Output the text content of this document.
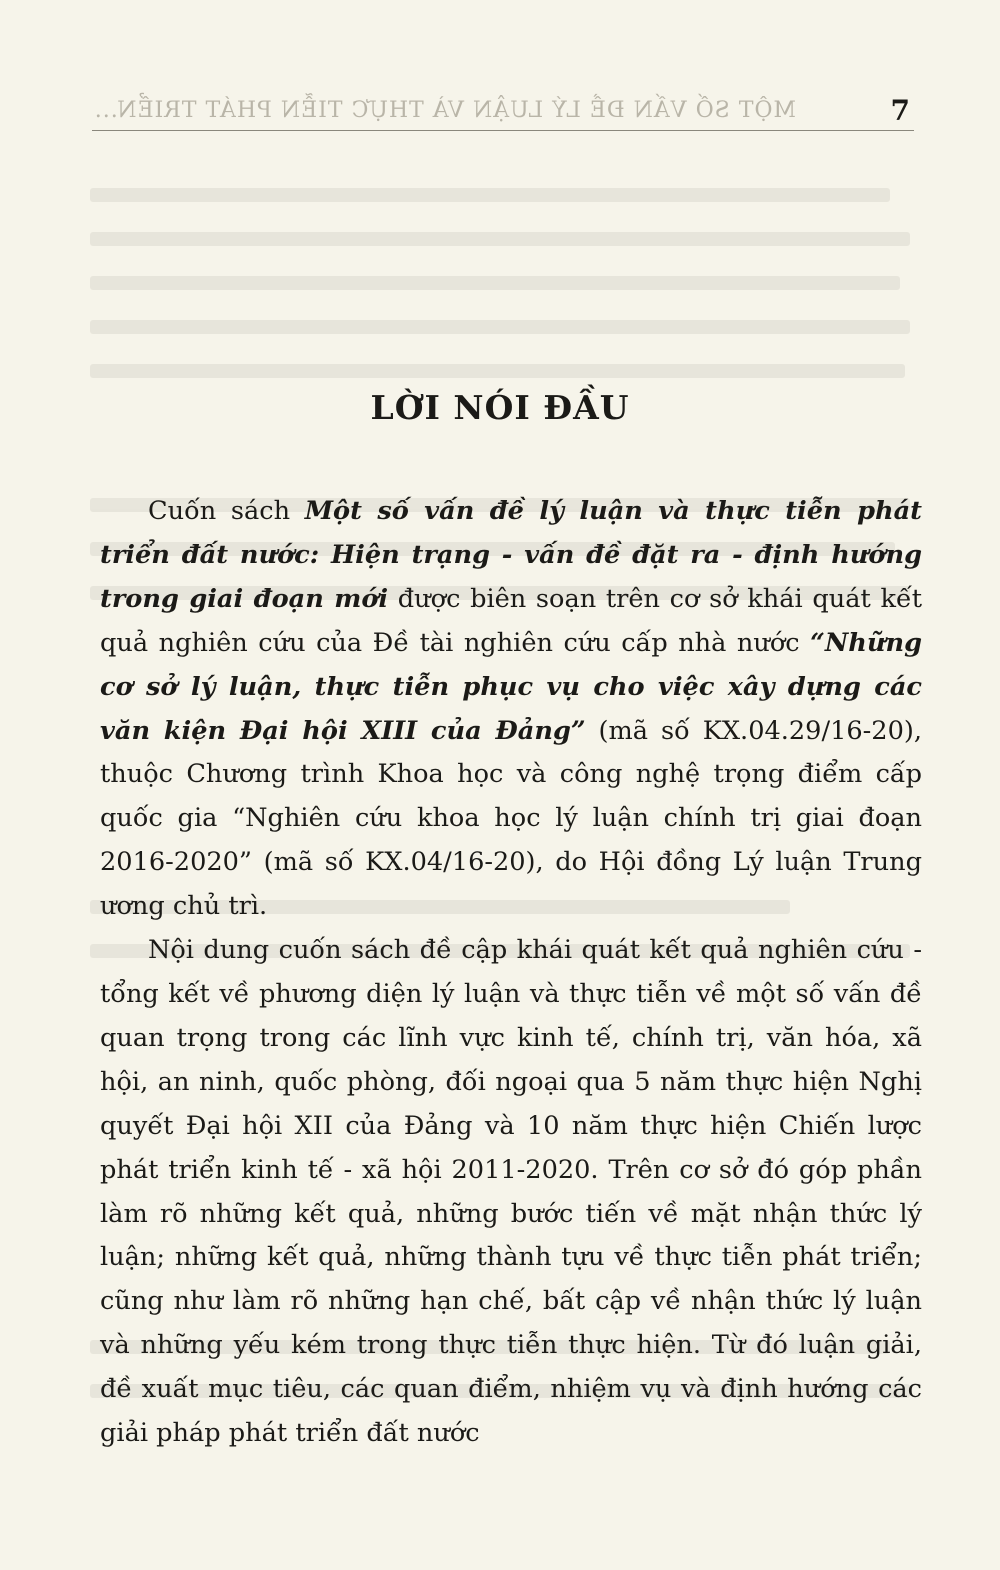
MỘT SỐ VẤN ĐỀ LÝ LUẬN VÀ THỰC TIỄN PHÁT TRIỂN...	7
LỜI NÓI ĐẦU

Cuốn sách Một số vấn đề lý luận và thực tiễn phát triển đất nước: Hiện trạng - vấn đề đặt ra - định hướng trong giai đoạn mới được biên soạn trên cơ sở khái quát kết quả nghiên cứu của Đề tài nghiên cứu cấp nhà nước “Những cơ sở lý luận, thực tiễn phục vụ cho việc xây dựng các văn kiện Đại hội XIII của Đảng” (mã số KX.04.29/16-20), thuộc Chương trình Khoa học và công nghệ trọng điểm cấp quốc gia “Nghiên cứu khoa học lý luận chính trị giai đoạn 2016-2020” (mã số KX.04/16-20), do Hội đồng Lý luận Trung ương chủ trì.

Nội dung cuốn sách đề cập khái quát kết quả nghiên cứu - tổng kết về phương diện lý luận và thực tiễn về một số vấn đề quan trọng trong các lĩnh vực kinh tế, chính trị, văn hóa, xã hội, an ninh, quốc phòng, đối ngoại qua 5 năm thực hiện Nghị quyết Đại hội XII của Đảng và 10 năm thực hiện Chiến lược phát triển kinh tế - xã hội 2011-2020. Trên cơ sở đó góp phần làm rõ những kết quả, những bước tiến về mặt nhận thức lý luận; những kết quả, những thành tựu về thực tiễn phát triển; cũng như làm rõ những hạn chế, bất cập về nhận thức lý luận và những yếu kém trong thực tiễn thực hiện. Từ đó luận giải, đề xuất mục tiêu, các quan điểm, nhiệm vụ và định hướng các giải pháp phát triển đất nước
